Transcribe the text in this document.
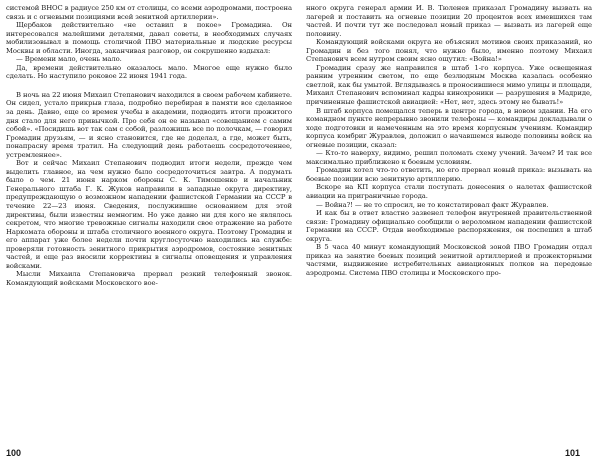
системой ВНОС в радиусе 250 км от столицы, со всеми аэродромами, построена связь и с огневыми позициями всей зенитной артиллерии».

Щербаков действительно «не оставил в покое» Громадина. Он интересовался малейшими деталями, давал советы, в необходимых случаях мобилизовывал в помощь столичной ПВО материальные и людские ресурсы Москвы и области. Иногда, заканчивая разговор, он сокрушенно вздыхал:

— Времени мало, очень мало.

Да, времени действительно оказалось мало. Многое еще нужно было сделать. Но наступило роковое 22 июня 1941 года.

В ночь на 22 июня Михаил Степанович находился в своем рабочем кабинете. Он сидел, устало прикрыв глаза, подробно перебирая в памяти все сделанное за день. Давно, еще со времен учебы в академии, подводить итоги прожитого дня стало для него привычкой. Про себя он ее называл «совещанием с самим собой». «Посидишь вот так сам с собой, разложишь все по полочкам, — говорил Громадин друзьям, — и ясно становится, где не доделал, а где, может быть, понапрасну время тратил. На следующий день работаешь сосредоточеннее, устремленнее».

Вот и сейчас Михаил Степанович подводил итоги недели, прежде чем выделить главное, на чем нужно было сосредоточиться завтра. А подумать было о чем. 21 июня нарком обороны С. К. Тимошенко и начальник Генерального штаба Г. К. Жуков направили в западные округа директиву, предупреждающую о возможном нападении фашистской Германии на СССР в течение 22—23 июня. Сведения, послужившие основанием для этой директивы, были известны немногим. Но уже давно ни для кого не являлось секретом, что многие тревожные сигналы находили свое отражение на работе Наркомата обороны и штаба столичного военного округа. Поэтому Громадин и его аппарат уже более недели почти круглосуточно находились на службе: проверяли готовность зенитного прикрытия аэродромов, состояние зенитных частей, и еще раз вносили коррективы в сигналы оповещения и управления войсками.

Мысли Михаила Степановича прервал резкий телефонный звонок. Командующий войсками Московского вое-

100

нного округа генерал армии И. В. Тюленев приказал Громадину вызвать на лагерей и поставить на огневые позиции 20 процентов всех имевшихся там частей. И почти тут же последовал новый приказ — вызвать из лагерей еще половину.

Командующий войсками округа не объяснил мотивов своих приказаний, но Громадин и без того понял, что нужно было, именно поэтому Михаил Степанович всем нутром своим ясно ощутил: «Война!»

Громадин сразу же направился в штаб 1-го корпуса. Уже освещенная ранним утренним светом, по еще безлюдным Москва казалась особенно светлой, как бы умытой. Вглядываясь в проносившиеся мимо улицы и площади, Михаил Степанович вспоминал кадры кинохроники — разрушения в Мадриде, причиненные фашистской авиацией: «Нет, нет, здесь этому не бывать!»

В штаб корпуса помещался теперь в центре города, в новом здании. На его командном пункте непрерывно звонили телефоны — командиры докладывали о ходе подготовки и намеченным на это время корпусным учениям. Командир корпуса комбриг Журавлев, доложил о начавшемся выводе половины войск на огневые позиции, сказал:

— Кто-то наверху, видимо, решил поломать схему учений. Зачем? И так все максимально приближено к боевым условиям.

Громадин хотел что-то ответить, но его прервал новый приказ: вызывать на боевые позиции всю зенитную артиллерию.

Вскоре на КП корпуса стали поступать донесения о налетах фашистской авиации на приграничные города.

— Война?! — не то спросил, не то констатировал факт Журавлев.

И как бы в ответ властно зазвенел телефон внутренней правительственной связи: Громадину официально сообщили о вероломном нападении фашистской Германии на СССР. Отдав необходимые распоряжения, он поспешил в штаб округа.

В 5 часа 40 минут командующий Московской зоной ПВО Громадин отдал приказ на занятие боевых позиций зенитной артиллерией и прожекторными частями, выдвижение истребительных авиационных полков на передовые аэродромы. Система ПВО столицы и Московского про-

101
